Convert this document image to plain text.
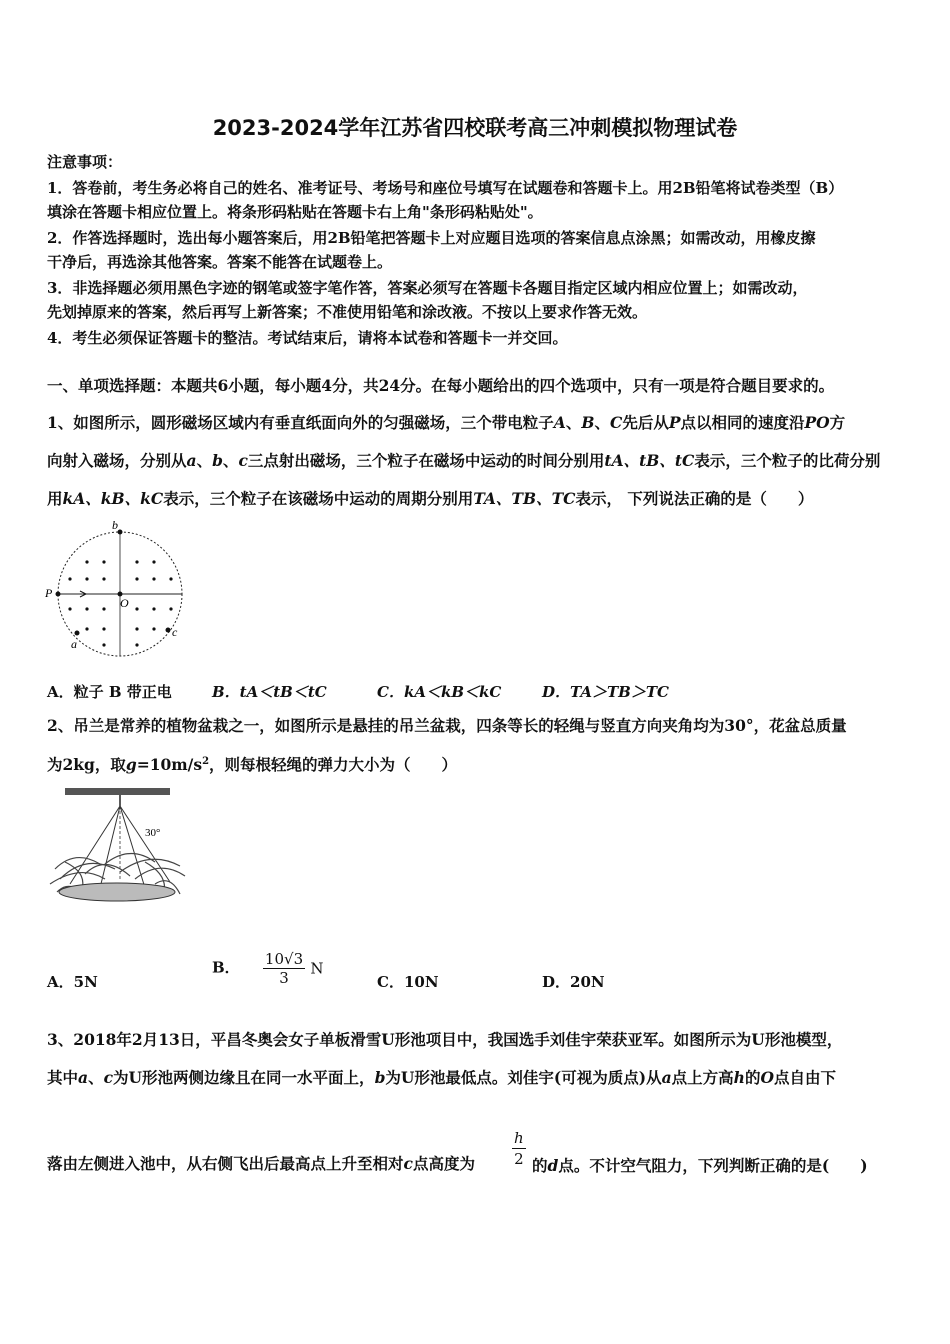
2023-2024学年江苏省四校联考高三冲刺模拟物理试卷
注意事项：
1．答卷前，考生务必将自己的姓名、准考证号、考场号和座位号填写在试题卷和答题卡上。用2B铅笔将试卷类型（B）
填涂在答题卡相应位置上。将条形码粘贴在答题卡右上角"条形码粘贴处"。
2．作答选择题时，选出每小题答案后，用2B铅笔把答题卡上对应题目选项的答案信息点涂黑；如需改动，用橡皮擦
干净后，再选涂其他答案。答案不能答在试题卷上。
3．非选择题必须用黑色字迹的钢笔或签字笔作答，答案必须写在答题卡各题目指定区域内相应位置上；如需改动，
先划掉原来的答案，然后再写上新答案；不准使用铅笔和涂改液。不按以上要求作答无效。
4．考生必须保证答题卡的整洁。考试结束后，请将本试卷和答题卡一并交回。
一、单项选择题：本题共6小题，每小题4分，共24分。在每小题给出的四个选项中，只有一项是符合题目要求的。
1、如图所示，圆形磁场区域内有垂直纸面向外的匀强磁场，三个带电粒子A、B、C先后从P点以相同的速度沿PO方
向射入磁场，分别从a、b、c三点射出磁场，三个粒子在磁场中运动的时间分别用tA、tB、tC表示，三个粒子的比荷分别
用kA、kB、kC表示，三个粒子在该磁场中运动的周期分别用TA、TB、TC表示， 下列说法正确的是（　　）
b
P
O
c
a
A．粒子 B 带正电	B．tA＜tB＜tC	C．kA＜kB＜kC	D．TA＞TB＞TC
2、吊兰是常养的植物盆栽之一，如图所示是悬挂的吊兰盆栽，四条等长的轻绳与竖直方向夹角均为30°，花盆总质量
为2kg，取$g=10m/s^2$，则每根轻绳的弹力大小为（　　）
30°
A．5N
B． $\frac{10√3}{3}$ N
C．10N	D．20N
3、2018年2月13日，平昌冬奥会女子单板滑雪U形池项目中，我国选手刘佳宇荣获亚军。如图所示为U形池模型，
其中a、c为U形池两侧边缘且在同一水平面上，b为U形池最低点。刘佳宇(可视为质点)从a点上方高h的O点自由下
落由左侧进入池中，从右侧飞出后最高点上升至相对c点高度为	$\frac{h}{2}$ 的d点。不计空气阻力，下列判断正确的是(　　)
